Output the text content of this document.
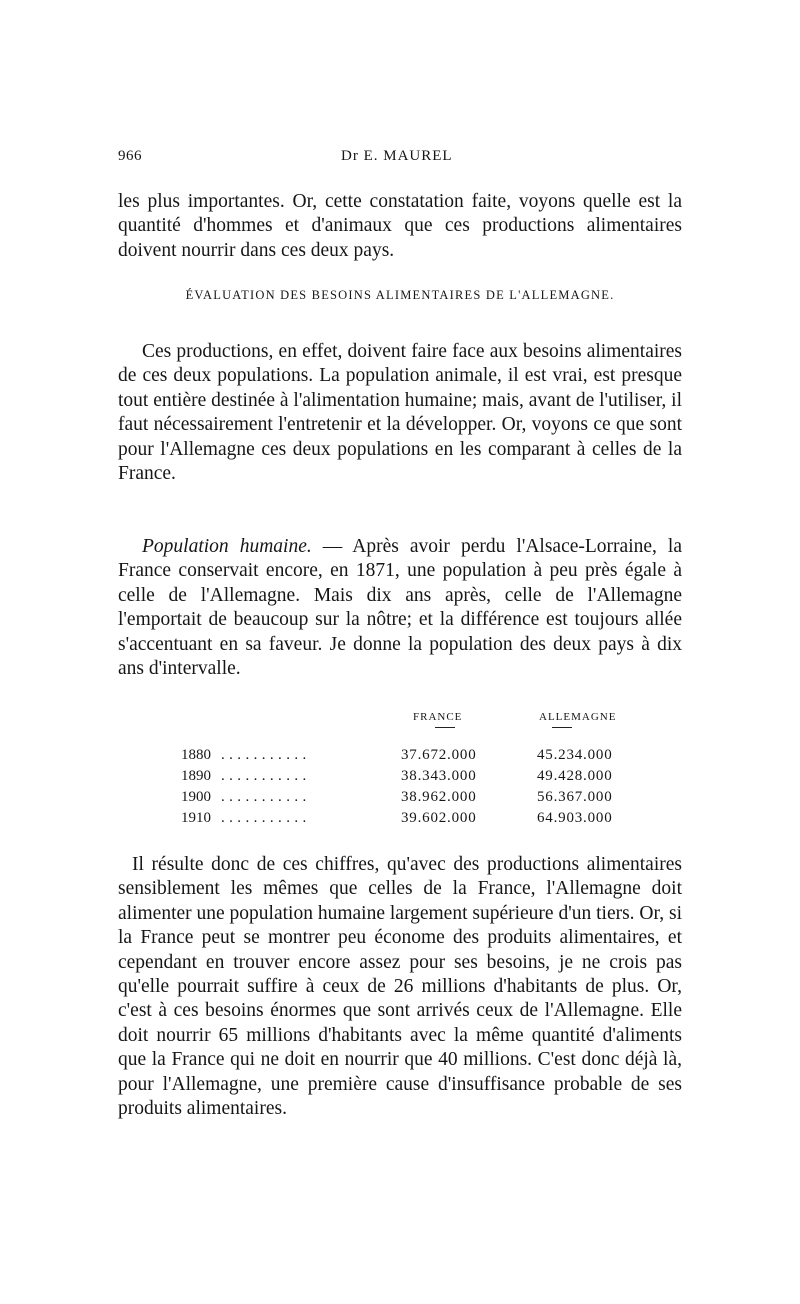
966	Dr E. MAUREL
les plus importantes. Or, cette constatation faite, voyons quelle est la quantité d'hommes et d'animaux que ces productions alimentaires doivent nourrir dans ces deux pays.
ÉVALUATION DES BESOINS ALIMENTAIRES DE L'ALLEMAGNE.
Ces productions, en effet, doivent faire face aux besoins alimentaires de ces deux populations. La population animale, il est vrai, est presque tout entière destinée à l'alimentation humaine; mais, avant de l'utiliser, il faut nécessairement l'entretenir et la développer. Or, voyons ce que sont pour l'Allemagne ces deux populations en les comparant à celles de la France.
Population humaine. — Après avoir perdu l'Alsace-Lorraine, la France conservait encore, en 1871, une population à peu près égale à celle de l'Allemagne. Mais dix ans après, celle de l'Allemagne l'emportait de beaucoup sur la nôtre; et la différence est toujours allée s'accentuant en sa faveur. Je donne la population des deux pays à dix ans d'intervalle.
FRANCE	ALLEMAGNE
1880 ...........	37.672.000	45.234.000
1890 ...........	38.343.000	49.428.000
1900 ...........	38.962.000	56.367.000
1910 ...........	39.602.000	64.903.000
Il résulte donc de ces chiffres, qu'avec des productions alimentaires sensiblement les mêmes que celles de la France, l'Allemagne doit alimenter une population humaine largement supérieure d'un tiers. Or, si la France peut se montrer peu économe des produits alimentaires, et cependant en trouver encore assez pour ses besoins, je ne crois pas qu'elle pourrait suffire à ceux de 26 millions d'habitants de plus. Or, c'est à ces besoins énormes que sont arrivés ceux de l'Allemagne. Elle doit nourrir 65 millions d'habitants avec la même quantité d'aliments que la France qui ne doit en nourrir que 40 millions. C'est donc déjà là, pour l'Allemagne, une première cause d'insuffisance probable de ses produits alimentaires.
